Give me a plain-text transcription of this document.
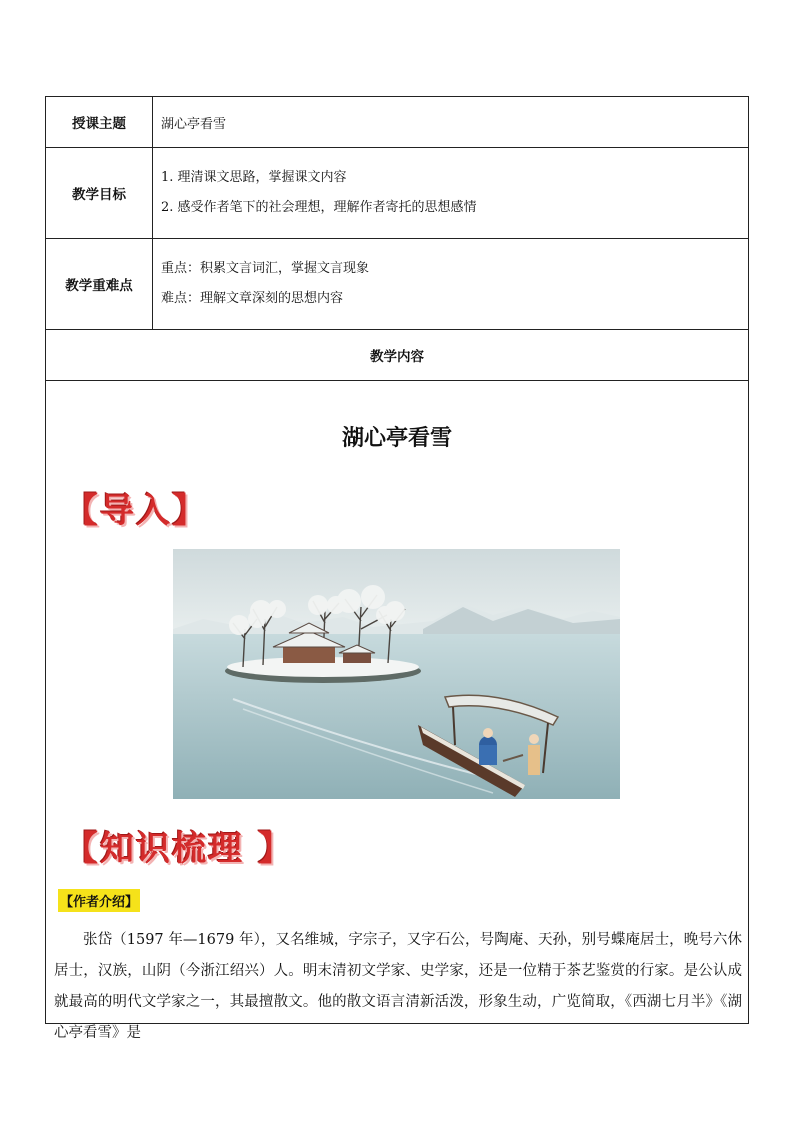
授课主题	湖心亭看雪
教学目标	1. 理清课文思路，掌握课文内容
2. 感受作者笔下的社会理想，理解作者寄托的思想感情

教学重难点	重点：积累文言词汇，掌握文言现象
难点：理解文章深刻的思想内容

教学内容	

湖心亭看雪
【导入】
【知识梳理 】
【作者介绍】
张岱（1597 年—1679 年），又名维城，字宗子，又字石公，号陶庵、天孙，别号蝶庵居士，晚号六休居士，汉族，山阴（今浙江绍兴）人。明末清初文学家、史学家，还是一位精于茶艺鉴赏的行家。是公认成就最高的明代文学家之一，其最擅散文。他的散文语言清新活泼，形象生动，广览简取，《西湖七月半》《湖心亭看雪》是	
